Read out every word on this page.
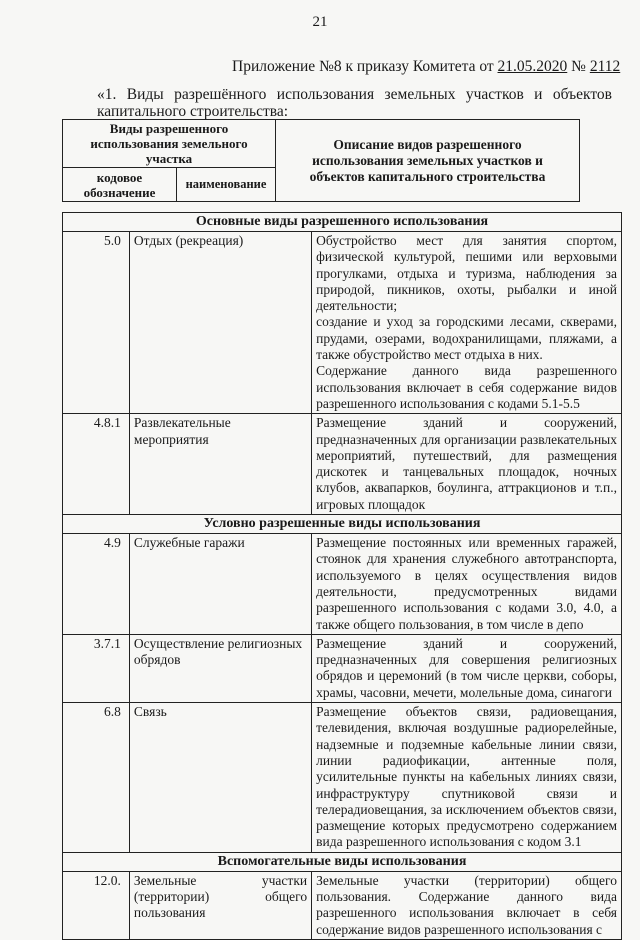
21
Приложение №8 к приказу Комитета от 21.05.2020 № 2112
«1. Виды разрешённого использования земельных участков и объектов
капитального строительства:
Виды разрешенного использования земельного участка		Описание видов разрешенного использования земельных участков и объектов капитального строительства
кодовое обозначение	наименование	
Основные виды разрешенного использования		
5.0	Отдых (рекреация)	Обустройство мест для занятия спортом, физической культурой, пешими или верховыми прогулками, отдыха и туризма, наблюдения за природой, пикников, охоты, рыбалки и иной деятельности;

создание и уход за городскими лесами, скверами, прудами, озерами, водохранилищами, пляжами, а также обустройство мест отдыха в них.

Содержание данного вида разрешенного использования включает в себя содержание видов разрешенного использования с кодами 5.1-5.5

4.8.1	Развлекательные мероприятия	Размещение зданий и сооружений, предназначенных для организации развлекательных мероприятий, путешествий, для размещения дискотек и танцевальных площадок, ночных клубов, аквапарков, боулинга, аттракционов и т.п., игровых площадок
Условно разрешенные виды использования		
4.9	Служебные гаражи	Размещение постоянных или временных гаражей, стоянок для хранения служебного автотранспорта, используемого в целях осуществления видов деятельности, предусмотренных видами разрешенного использования с кодами 3.0, 4.0, а также общего пользования, в том числе в депо
3.7.1	Осуществление религиозных обрядов	Размещение зданий и сооружений, предназначенных для совершения религиозных обрядов и церемоний (в том числе церкви, соборы, храмы, часовни, мечети, молельные дома, синагоги
6.8	Связь	Размещение объектов связи, радиовещания, телевидения, включая воздушные радиорелейные, надземные и подземные кабельные линии связи, линии радиофикации, антенные поля, усилительные пункты на кабельных линиях связи, инфраструктуру спутниковой связи и телерадиовещания, за исключением объектов связи, размещение которых предусмотрено содержанием вида разрешенного использования с кодом 3.1
Вспомогательные виды использования		
12.0.	Земельные участки (территории) общего пользования	Земельные участки (территории) общего пользования. Содержание данного вида разрешенного использования включает в себя содержание видов разрешенного использования с
